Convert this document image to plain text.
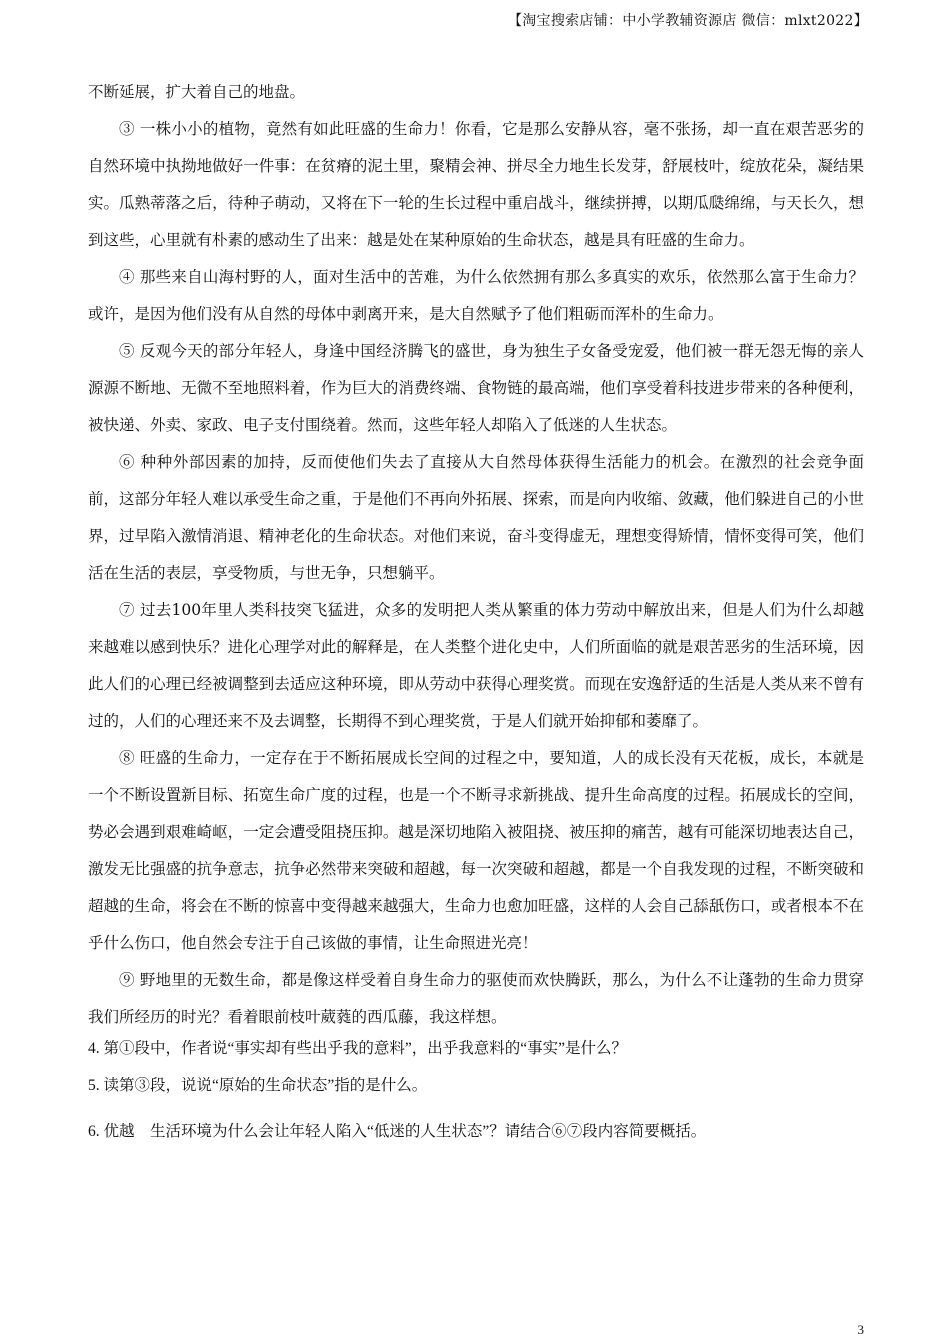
【淘宝搜索店铺：中小学教辅资源店 微信：mlxt2022】

不断延展，扩大着自己的地盘。

③ 一株小小的植物，竟然有如此旺盛的生命力！你看，它是那么安静从容，毫不张扬，却一直在艰苦恶劣的自然环境中执拗地做好一件事：在贫瘠的泥土里，聚精会神、拼尽全力地生长发芽，舒展枝叶，绽放花朵，凝结果实。瓜熟蒂落之后，待种子萌动，又将在下一轮的生长过程中重启战斗，继续拼搏，以期瓜瓞绵绵，与天长久，想到这些，心里就有朴素的感动生了出来：越是处在某种原始的生命状态，越是具有旺盛的生命力。

④ 那些来自山海村野的人，面对生活中的苦难，为什么依然拥有那么多真实的欢乐，依然那么富于生命力？或许，是因为他们没有从自然的母体中剥离开来，是大自然赋予了他们粗砺而浑朴的生命力。

⑤ 反观今天的部分年轻人，身逢中国经济腾飞的盛世，身为独生子女备受宠爱，他们被一群无怨无悔的亲人源源不断地、无微不至地照料着，作为巨大的消费终端、食物链的最高端，他们享受着科技进步带来的各种便利，被快递、外卖、家政、电子支付围绕着。然而，这些年轻人却陷入了低迷的人生状态。

⑥ 种种外部因素的加持，反而使他们失去了直接从大自然母体获得生活能力的机会。在激烈的社会竞争面前，这部分年轻人难以承受生命之重，于是他们不再向外拓展、探索，而是向内收缩、敛藏，他们躲进自己的小世界，过早陷入激情消退、精神老化的生命状态。对他们来说，奋斗变得虚无，理想变得矫情，情怀变得可笑，他们活在生活的表层，享受物质，与世无争，只想躺平。

⑦ 过去100年里人类科技突飞猛进，众多的发明把人类从繁重的体力劳动中解放出来，但是人们为什么却越来越难以感到快乐？进化心理学对此的解释是，在人类整个进化史中，人们所面临的就是艰苦恶劣的生活环境，因此人们的心理已经被调整到去适应这种环境，即从劳动中获得心理奖赏。而现在安逸舒适的生活是人类从来不曾有过的，人们的心理还来不及去调整，长期得不到心理奖赏，于是人们就开始抑郁和萎靡了。

⑧ 旺盛的生命力，一定存在于不断拓展成长空间的过程之中，要知道，人的成长没有天花板，成长，本就是一个不断设置新目标、拓宽生命广度的过程，也是一个不断寻求新挑战、提升生命高度的过程。拓展成长的空间，势必会遇到艰难崎岖，一定会遭受阻挠压抑。越是深切地陷入被阻挠、被压抑的痛苦，越有可能深切地表达自己，激发无比强盛的抗争意志，抗争必然带来突破和超越，每一次突破和超越，都是一个自我发现的过程，不断突破和超越的生命，将会在不断的惊喜中变得越来越强大，生命力也愈加旺盛，这样的人会自己舔舐伤口，或者根本不在乎什么伤口，他自然会专注于自己该做的事情，让生命照进光亮！

⑨ 野地里的无数生命，都是像这样受着自身生命力的驱使而欢快腾跃，那么，为什么不让蓬勃的生命力贯穿我们所经历的时光？看着眼前枝叶葳蕤的西瓜藤，我这样想。

4. 第①段中，作者说“事实却有些出乎我的意料”，出乎我意料的“事实”是什么？

5. 读第③段，说说“原始的生命状态”指的是什么。

6. 优越　生活环境为什么会让年轻人陷入“低迷的人生状态”？请结合⑥⑦段内容简要概括。

3
